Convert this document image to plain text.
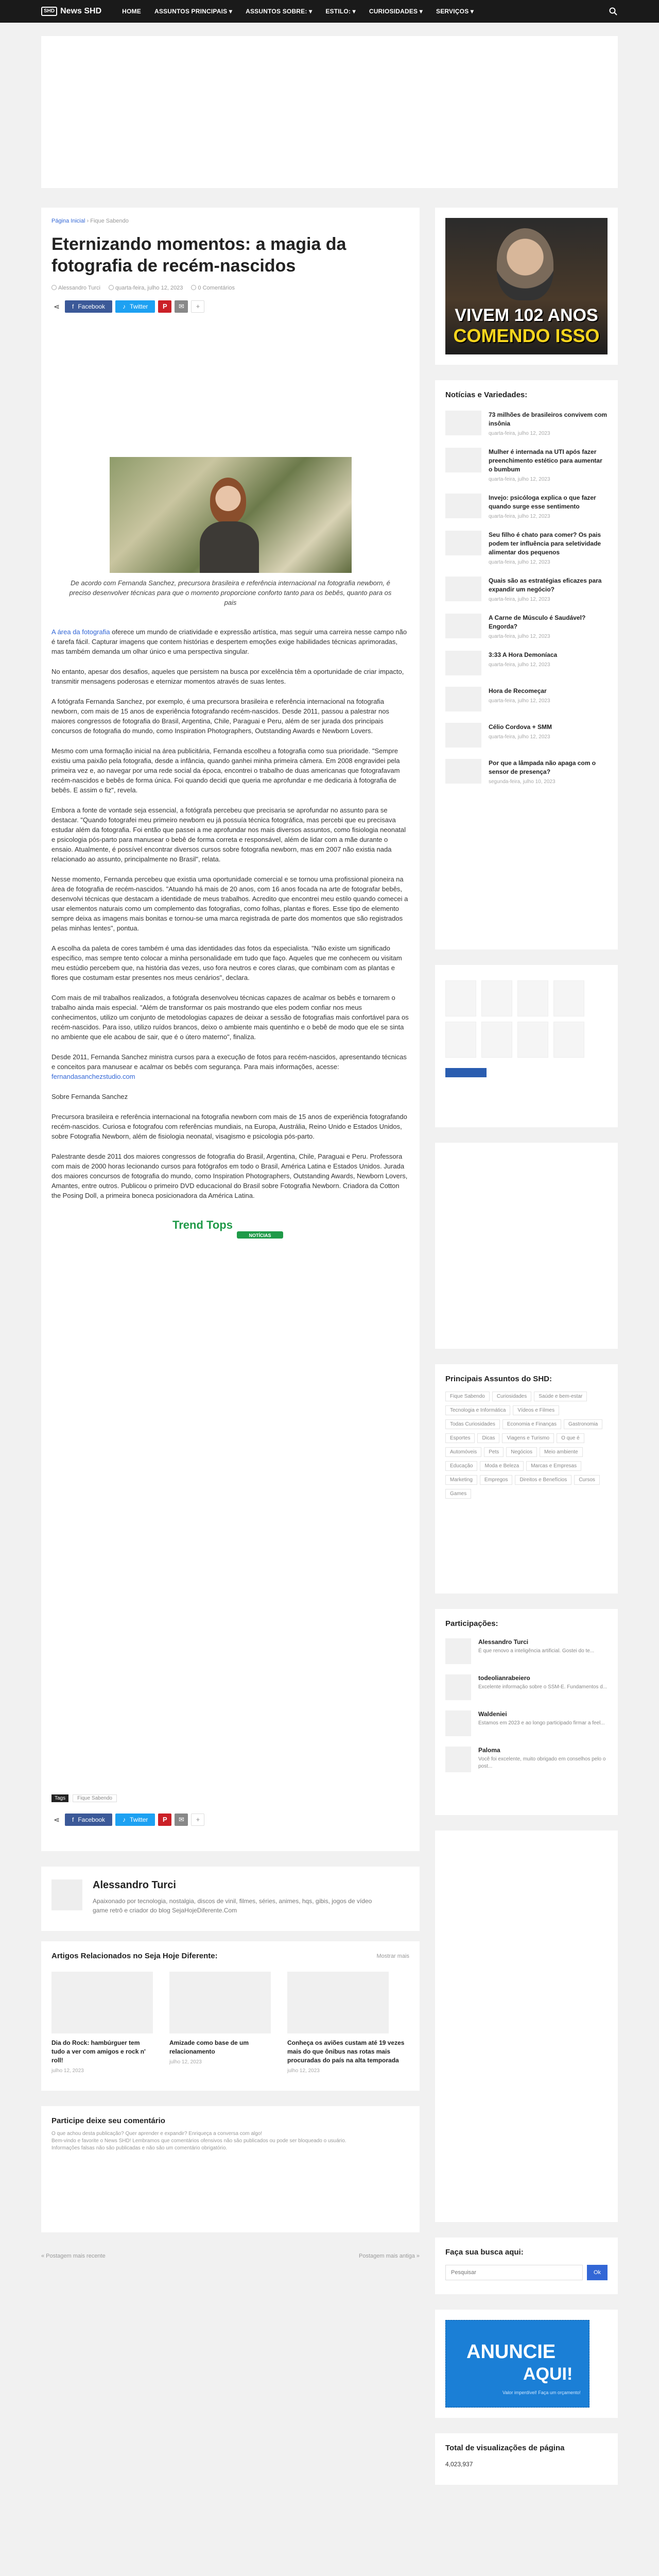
SHD News SHD	HOME ASSUNTOS PRINCIPAIS ▾ ASSUNTOS SOBRE: ▾ ESTILO: ▾ CURIOSIDADES ▾ SERVIÇOS ▾
Página Inicial › Fique Sabendo
Eternizando momentos: a magia da fotografia de recém-nascidos
Alessandro Turci	quarta-feira, julho 12, 2023	0 Comentários
⋖	f Facebook	♪ Twitter	P	✉	+

De acordo com Fernanda Sanchez, precursora brasileira e referência internacional na fotografia newborn, é preciso desenvolver técnicas para que o momento proporcione conforto tanto para os bebês, quanto para os pais

A área da fotografia oferece um mundo de criatividade e expressão artística, mas seguir uma carreira nesse campo não é tarefa fácil. Capturar imagens que contem histórias e despertem emoções exige habilidades técnicas aprimoradas, mas também demanda um olhar único e uma perspectiva singular.

No entanto, apesar dos desafios, aqueles que persistem na busca por excelência têm a oportunidade de criar impacto, transmitir mensagens poderosas e eternizar momentos através de suas lentes.

A fotógrafa Fernanda Sanchez, por exemplo, é uma precursora brasileira e referência internacional na fotografia newborn, com mais de 15 anos de experiência fotografando recém-nascidos. Desde 2011, passou a palestrar nos maiores congressos de fotografia do Brasil, Argentina, Chile, Paraguai e Peru, além de ser jurada dos principais concursos de fotografia do mundo, como Inspiration Photographers, Outstanding Awards e Newborn Lovers.

Mesmo com uma formação inicial na área publicitária, Fernanda escolheu a fotografia como sua prioridade. "Sempre existiu uma paixão pela fotografia, desde a infância, quando ganhei minha primeira câmera. Em 2008 engravidei pela primeira vez e, ao navegar por uma rede social da época, encontrei o trabalho de duas americanas que fotografavam recém-nascidos e bebês de forma única. Foi quando decidi que queria me aprofundar e me dedicaria à fotografia de bebês. E assim o fiz", revela.

Embora a fonte de vontade seja essencial, a fotógrafa percebeu que precisaria se aprofundar no assunto para se destacar. "Quando fotografei meu primeiro newborn eu já possuía técnica fotográfica, mas percebi que eu precisava estudar além da fotografia. Foi então que passei a me aprofundar nos mais diversos assuntos, como fisiologia neonatal e psicologia pós-parto para manusear o bebê de forma correta e responsável, além de lidar com a mãe durante o ensaio. Atualmente, é possível encontrar diversos cursos sobre fotografia newborn, mas em 2007 não existia nada relacionado ao assunto, principalmente no Brasil", relata.

Nesse momento, Fernanda percebeu que existia uma oportunidade comercial e se tornou uma profissional pioneira na área de fotografia de recém-nascidos. "Atuando há mais de 20 anos, com 16 anos focada na arte de fotografar bebês, desenvolvi técnicas que destacam a identidade de meus trabalhos. Acredito que encontrei meu estilo quando comecei a usar elementos naturais como um complemento das fotografias, como folhas, plantas e flores. Esse tipo de elemento sempre deixa as imagens mais bonitas e tornou-se uma marca registrada de parte dos momentos que são registrados pelas minhas lentes", pontua.

A escolha da paleta de cores também é uma das identidades das fotos da especialista. "Não existe um significado específico, mas sempre tento colocar a minha personalidade em tudo que faço. Aqueles que me conhecem ou visitam meu estúdio percebem que, na história das vezes, uso fora neutros e cores claras, que combinam com as plantas e flores que costumam estar presentes nos meus cenários", declara.

Com mais de mil trabalhos realizados, a fotógrafa desenvolveu técnicas capazes de acalmar os bebês e tornarem o trabalho ainda mais especial. "Além de transformar os pais mostrando que eles podem confiar nos meus conhecimentos, utilizo um conjunto de metodologias capazes de deixar a sessão de fotografias mais confortável para os recém-nascidos. Para isso, utilizo ruídos brancos, deixo o ambiente mais quentinho e o bebê de modo que ele se sinta no ambiente que ele acabou de sair, que é o útero materno", finaliza.

Desde 2011, Fernanda Sanchez ministra cursos para a execução de fotos para recém-nascidos, apresentando técnicas e conceitos para manusear e acalmar os bebês com segurança. Para mais informações, acesse: fernandasanchezstudio.com

Sobre Fernanda Sanchez

Precursora brasileira e referência internacional na fotografia newborn com mais de 15 anos de experiência fotografando recém-nascidos. Curiosa e fotografou com referências mundiais, na Europa, Austrália, Reino Unido e Estados Unidos, sobre Fotografia Newborn, além de fisiologia neonatal, visagismo e psicologia pós-parto.

Palestrante desde 2011 dos maiores congressos de fotografia do Brasil, Argentina, Chile, Paraguai e Peru. Professora com mais de 2000 horas lecionando cursos para fotógrafos em todo o Brasil, América Latina e Estados Unidos. Jurada dos maiores concursos de fotografia do mundo, como Inspiration Photographers, Outstanding Awards, Newborn Lovers, Amantes, entre outros. Publicou o primeiro DVD educacional do Brasil sobre Fotografia Newborn. Criadora da Cotton the Posing Doll, a primeira boneca posicionadora da América Latina.

Trend Tops
NOTÍCIAS
Tags	Fique Sabendo
⋖	f Facebook	♪ Twitter	P	✉	+
Alessandro Turci
Apaixonado por tecnologia, nostalgia, discos de vinil, filmes, séries, animes, hqs, gibis, jogos de vídeo game retrô e criador do blog SejaHojeDiferente.Com
Artigos Relacionados no Seja Hoje Diferente:	Mostrar mais
Dia do Rock: hambúrguer tem tudo a ver com amigos e rock n' roll!
julho 12, 2023
Amizade como base de um relacionamento
julho 12, 2023
Conheça os aviões custam até 19 vezes mais do que ônibus nas rotas mais procuradas do país na alta temporada
julho 12, 2023
Participe deixe seu comentário
O que achou desta publicação? Quer aprender e expandir? Enriqueça a conversa com algo!
Bem-vindo e favorite o News SHD! Lembramos que comentários ofensivos não são publicados ou pode ser bloqueado o usuário.
Informações falsas não são publicadas e não são um comentário obrigatório.
« Postagem mais recente	Postagem mais antiga »
VIVEM 102 ANOS
COMENDO ISSO
Notícias e Variedades:
73 milhões de brasileiros convivem com insônia
quarta-feira, julho 12, 2023
Mulher é internada na UTI após fazer preenchimento estético para aumentar o bumbum
quarta-feira, julho 12, 2023
Invejo: psicóloga explica o que fazer quando surge esse sentimento
quarta-feira, julho 12, 2023
Seu filho é chato para comer? Os pais podem ter influência para seletividade alimentar dos pequenos
quarta-feira, julho 12, 2023
Quais são as estratégias eficazes para expandir um negócio?
quarta-feira, julho 12, 2023
A Carne de Músculo é Saudável? Engorda?
quarta-feira, julho 12, 2023
3:33 A Hora Demoníaca
quarta-feira, julho 12, 2023
Hora de Recomeçar
quarta-feira, julho 12, 2023
Célio Cordova + SMM
quarta-feira, julho 12, 2023
Por que a lâmpada não apaga com o sensor de presença?
segunda-feira, julho 10, 2023
Principais Assuntos do SHD:
Fique Sabendo Curiosidades Saúde e bem-estarTecnologia e Informática Vídeos e FilmesTodas Curiosidades Economia e Finanças GastronomiaEsportes Dicas Viagens e Turismo O que éAutomóveis Pets Negócios Meio ambienteEducação Moda e Beleza Marcas e EmpresasMarketing Empregos Direitos e Benefícios CursosGames
Participações:
Alessandro Turci
É que renovo a inteligência artificial. Gostei do te...
todeolianrabeiero
Excelente informação sobre o SSM-E. Fundamentos d...
Waldeniei
Estamos em 2023 e ao longo participado firmar a feel...
Paloma
Você foi excelente, muito obrigado em conselhos pelo o post...
Faça sua busca aqui:
Pesquisar
Ok
ANUNCIE
AQUI!
Valor imperdível! Faça um orçamento!
Total de visualizações de página
4,023,937
